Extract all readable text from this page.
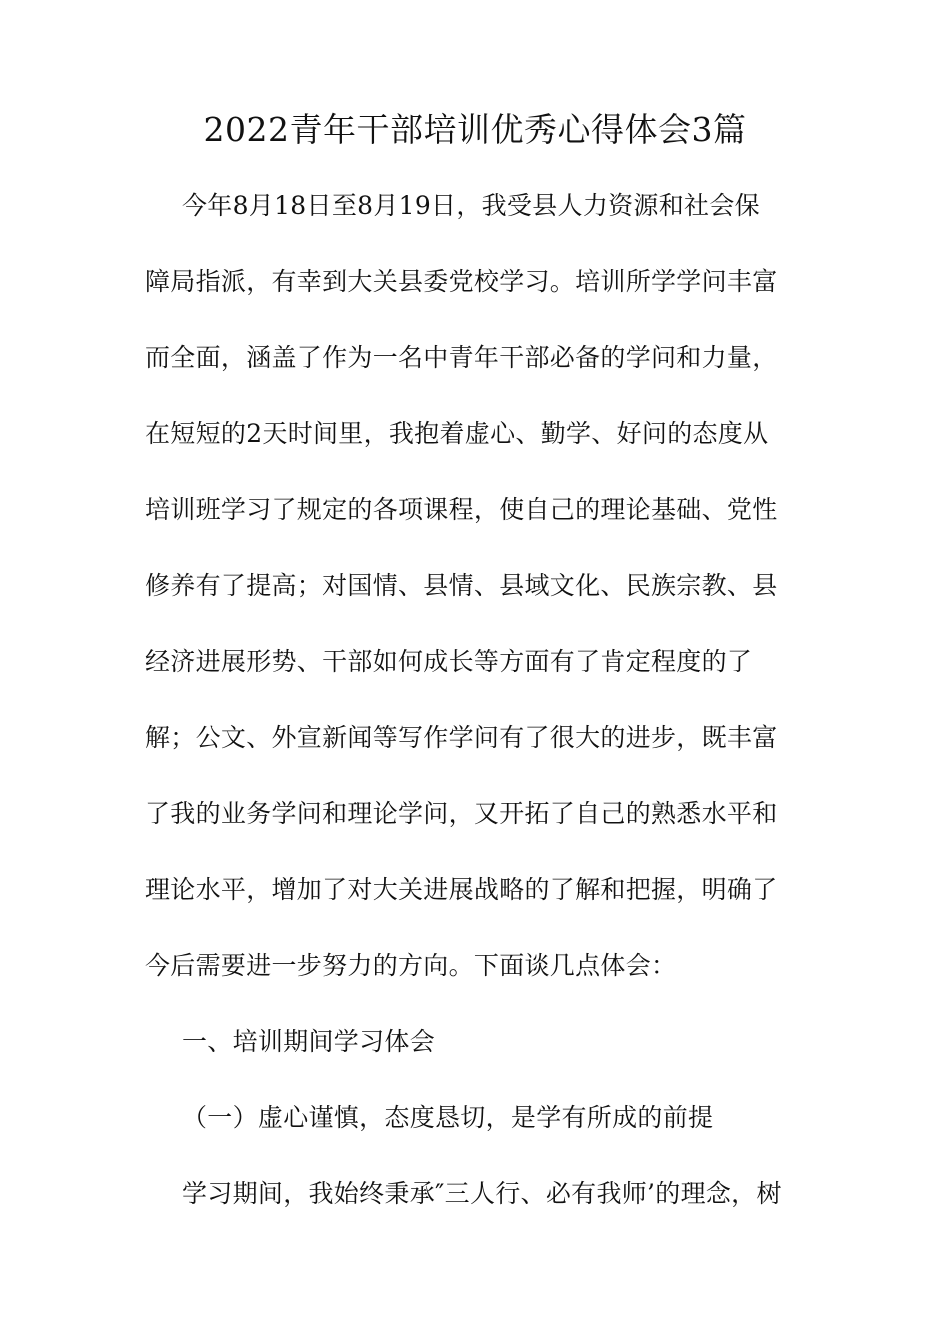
2022青年干部培训优秀心得体会3篇

今年8月18日至8月19日，我受县人力资源和社会保

障局指派，有幸到大关县委党校学习。培训所学学问丰富

而全面，涵盖了作为一名中青年干部必备的学问和力量，

在短短的2天时间里，我抱着虚心、勤学、好问的态度从

培训班学习了规定的各项课程，使自己的理论基础、党性

修养有了提高；对国情、县情、县域文化、民族宗教、县

经济进展形势、干部如何成长等方面有了肯定程度的了

解；公文、外宣新闻等写作学问有了很大的进步，既丰富

了我的业务学问和理论学问，又开拓了自己的熟悉水平和

理论水平，增加了对大关进展战略的了解和把握，明确了

今后需要进一步努力的方向。下面谈几点体会：

一、培训期间学习体会

（一）虚心谨慎，态度恳切，是学有所成的前提

学习期间，我始终秉承″三人行、必有我师’的理念，树
